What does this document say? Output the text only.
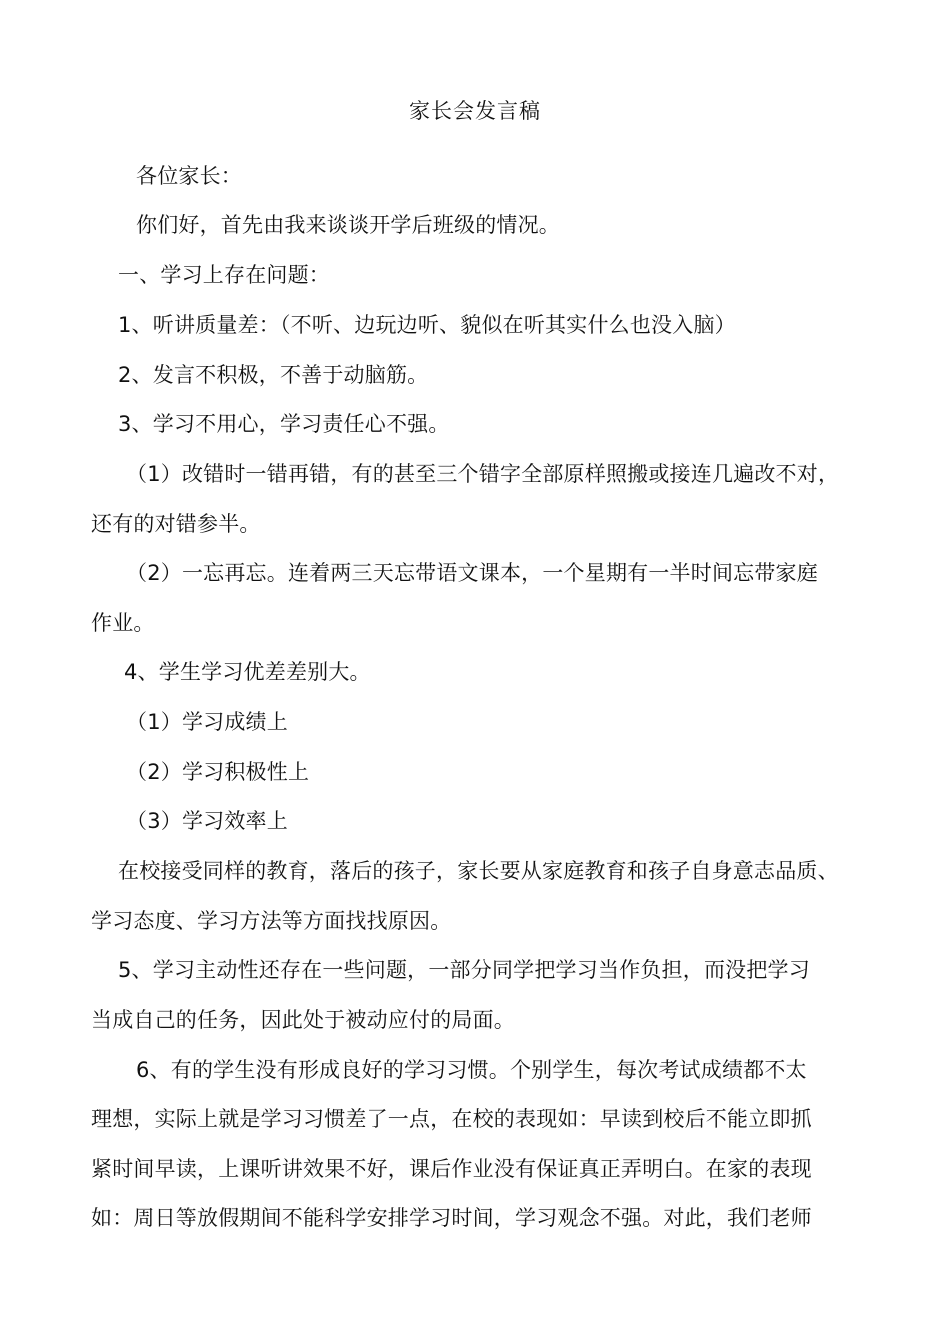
家长会发言稿
各位家长：
你们好，首先由我来谈谈开学后班级的情况。
一、学习上存在问题：
1、听讲质量差：（不听、边玩边听、貌似在听其实什么也没入脑）
2、发言不积极，不善于动脑筋。
3、学习不用心，学习责任心不强。
（1）改错时一错再错，有的甚至三个错字全部原样照搬或接连几遍改不对，
还有的对错参半。
（2）一忘再忘。连着两三天忘带语文课本，一个星期有一半时间忘带家庭
作业。
4、学生学习优差差别大。
（1）学习成绩上
（2）学习积极性上
（3）学习效率上
在校接受同样的教育，落后的孩子，家长要从家庭教育和孩子自身意志品质、
学习态度、学习方法等方面找找原因。
5、学习主动性还存在一些问题，一部分同学把学习当作负担，而没把学习
当成自己的任务，因此处于被动应付的局面。
6、有的学生没有形成良好的学习习惯。个别学生，每次考试成绩都不太
理想，实际上就是学习习惯差了一点，在校的表现如：早读到校后不能立即抓
紧时间早读，上课听讲效果不好，课后作业没有保证真正弄明白。在家的表现
如：周日等放假期间不能科学安排学习时间，学习观念不强。对此，我们老师
